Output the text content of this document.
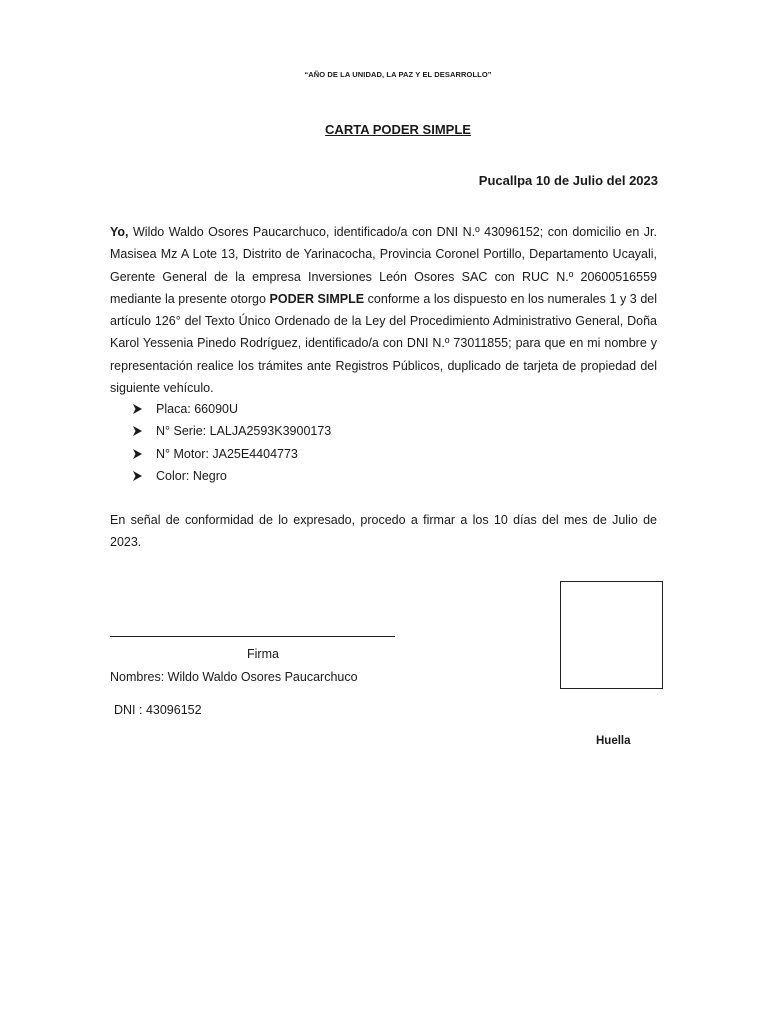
“AÑO DE LA UNIDAD, LA PAZ Y EL DESARROLLO”
CARTA PODER SIMPLE
Pucallpa 10 de Julio del 2023
Yo, Wildo Waldo Osores Paucarchuco, identificado/a con DNI N.º 43096152; con domicilio en Jr. Masisea Mz A Lote 13, Distrito de Yarinacocha, Provincia Coronel Portillo, Departamento Ucayali, Gerente General de la empresa Inversiones León Osores SAC con RUC N.º 20600516559 mediante la presente otorgo PODER SIMPLE conforme a los dispuesto en los numerales 1 y 3 del artículo 126° del Texto Único Ordenado de la Ley del Procedimiento Administrativo General, Doña Karol Yessenia Pinedo Rodríguez, identificado/a con DNI N.º 73011855; para que en mi nombre y representación realice los trámites ante Registros Públicos, duplicado de tarjeta de propiedad del siguiente vehículo.
Placa: 66090U
N° Serie: LALJA2593K3900173
N° Motor: JA25E4404773
Color: Negro
En señal de conformidad de lo expresado, procedo a firmar a los 10 días del mes de Julio de 2023.
Firma
Nombres: Wildo Waldo Osores Paucarchuco
DNI : 43096152
Huella
